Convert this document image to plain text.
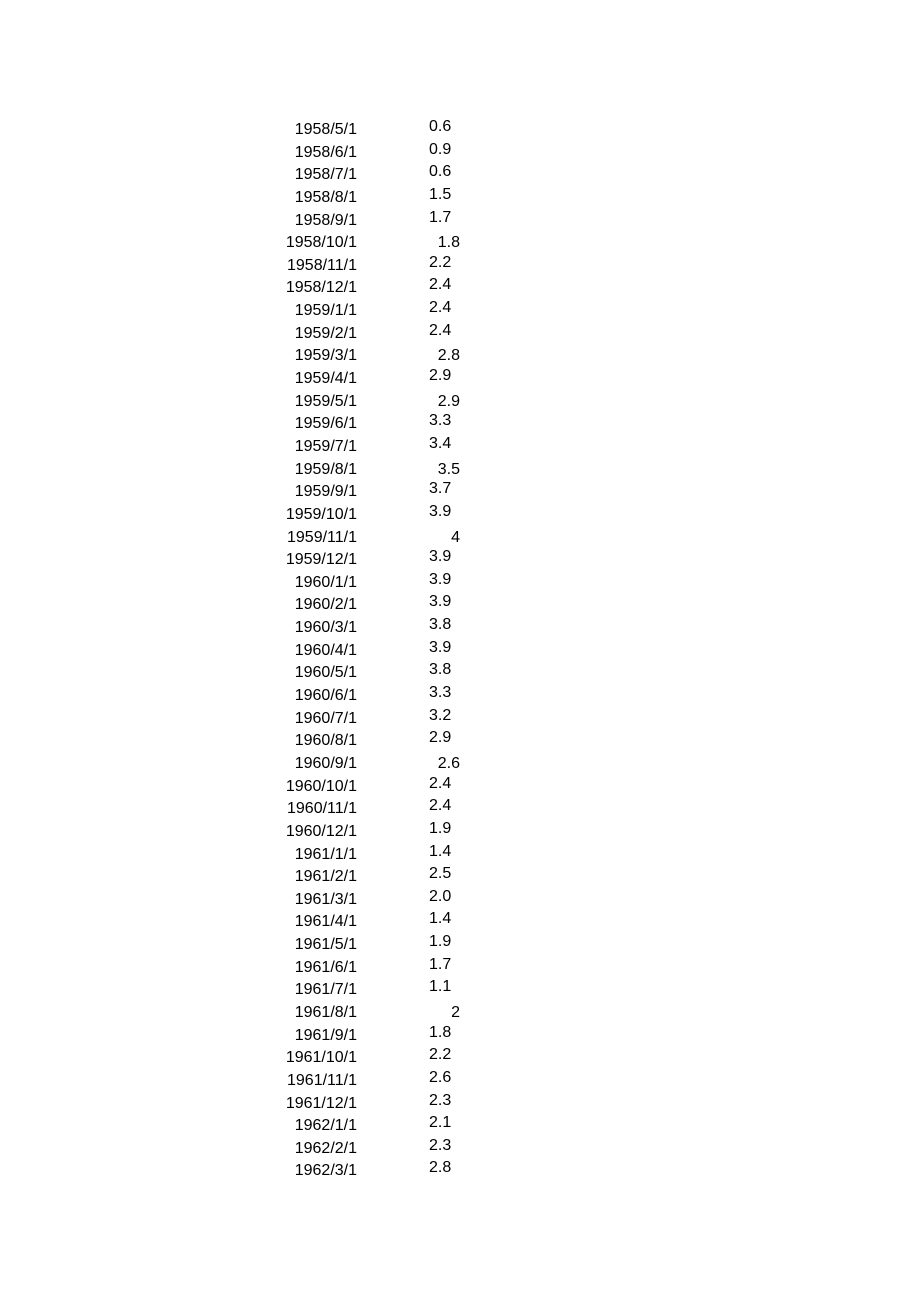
1958/5/1	0.6
1958/6/1	0.9
1958/7/1	0.6
1958/8/1	1.5
1958/9/1	1.7
1958/10/1	1.8
1958/11/1	2.2
1958/12/1	2.4
1959/1/1	2.4
1959/2/1	2.4
1959/3/1	2.8
1959/4/1	2.9
1959/5/1	2.9
1959/6/1	3.3
1959/7/1	3.4
1959/8/1	3.5
1959/9/1	3.7
1959/10/1	3.9
1959/11/1	4
1959/12/1	3.9
1960/1/1	3.9
1960/2/1	3.9
1960/3/1	3.8
1960/4/1	3.9
1960/5/1	3.8
1960/6/1	3.3
1960/7/1	3.2
1960/8/1	2.9
1960/9/1	2.6
1960/10/1	2.4
1960/11/1	2.4
1960/12/1	1.9
1961/1/1	1.4
1961/2/1	2.5
1961/3/1	2.0
1961/4/1	1.4
1961/5/1	1.9
1961/6/1	1.7
1961/7/1	1.1
1961/8/1	2
1961/9/1	1.8
1961/10/1	2.2
1961/11/1	2.6
1961/12/1	2.3
1962/1/1	2.1
1962/2/1	2.3
1962/3/1	2.8
